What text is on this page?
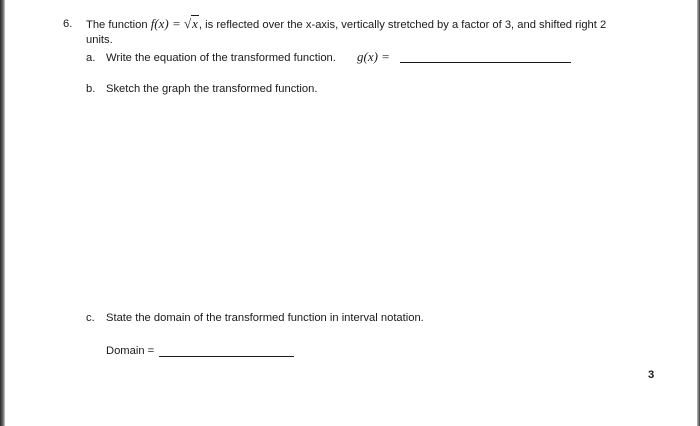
6. The function f(x) = √x, is reflected over the x-axis, vertically stretched by a factor of 3, and shifted right 2
units.
a. Write the equation of the transformed function. g(x) =
b. Sketch the graph the transformed function.
c. State the domain of the transformed function in interval notation.
Domain =
3
